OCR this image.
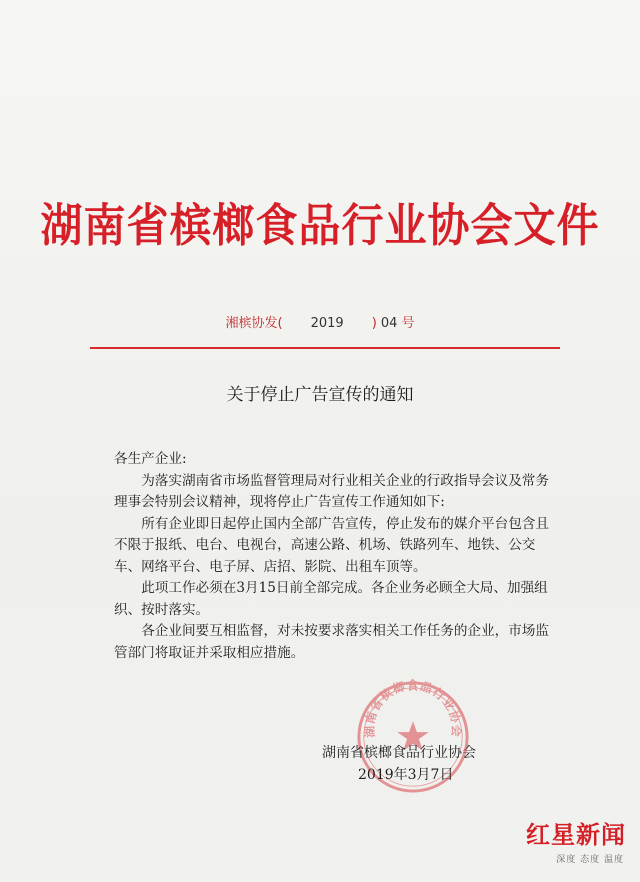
湖南省槟榔食品行业协会文件
湘槟协发( 2019 ) 04 号
关于停止广告宣传的通知

各生产企业:

为落实湖南省市场监督管理局对行业相关企业的行政指导会议及常务理事会特别会议精神，现将停止广告宣传工作通知如下:

所有企业即日起停止国内全部广告宣传，停止发布的媒介平台包含且不限于报纸、电台、电视台，高速公路、机场、铁路列车、地铁、公交车、网络平台、电子屏、店招、影院、出租车顶等。

此项工作必须在3月15日前全部完成。各企业务必顾全大局、加强组织、按时落实。

各企业间要互相监督，对未按要求落实相关工作任务的企业，市场监管部门将取证并采取相应措施。

湖南省槟榔食品行业协会
湖南省槟榔食品行业协会
2019年3月7日
红星新闻
深度 态度 温度
